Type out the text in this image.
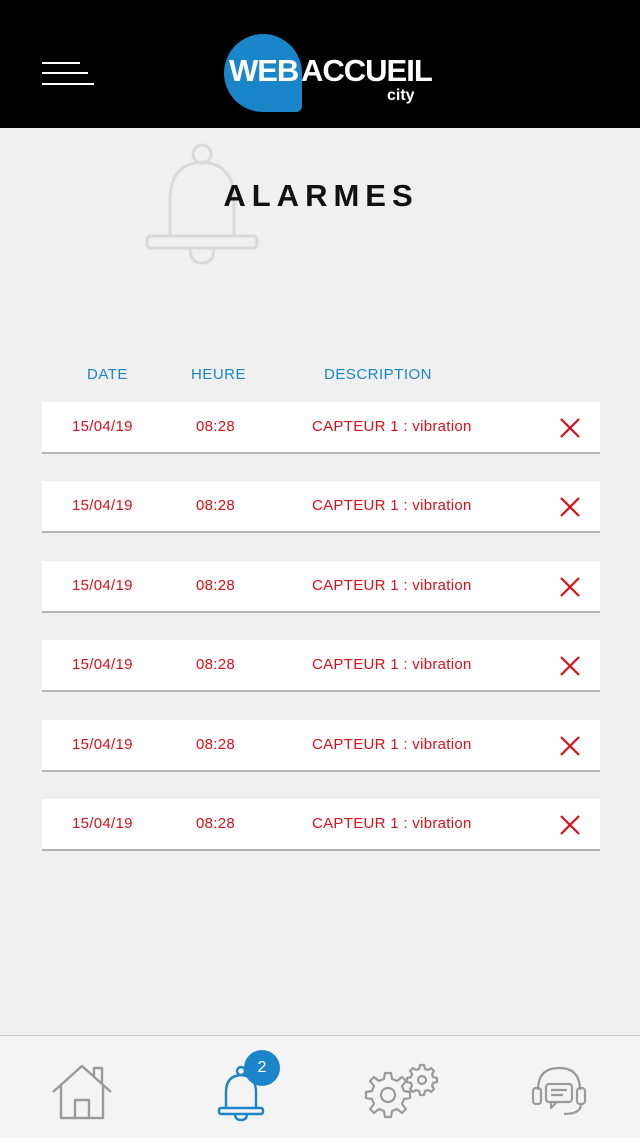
WEB ACCUEIL
city
ALARMES
DATE	HEURE	DESCRIPTION
15/04/19	08:28	CAPTEUR 1 : vibration
15/04/19	08:28	CAPTEUR 1 : vibration
15/04/19	08:28	CAPTEUR 1 : vibration
15/04/19	08:28	CAPTEUR 1 : vibration
15/04/19	08:28	CAPTEUR 1 : vibration
15/04/19	08:28	CAPTEUR 1 : vibration
2
